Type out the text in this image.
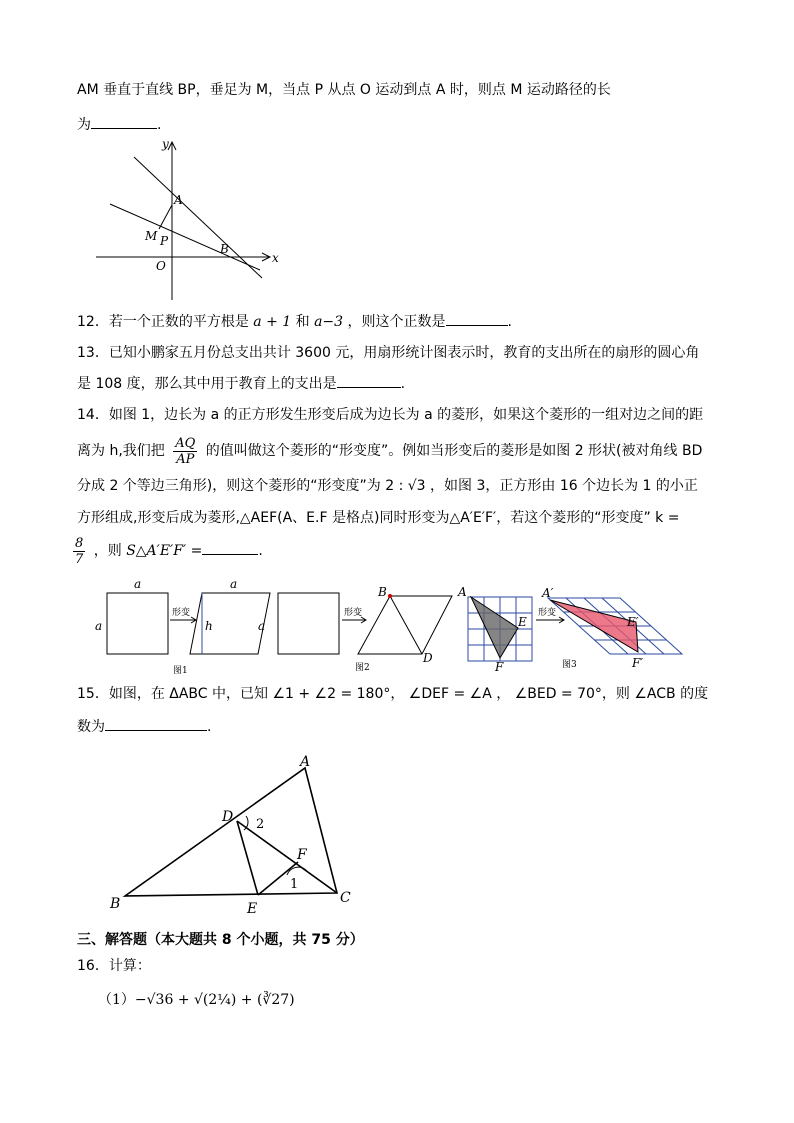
AM 垂直于直线 BP，垂足为 M，当点 P 从点 O 运动到点 A 时，则点 M 运动路径的长
为	.
A
y
x
M P
B
O
12．若一个正数的平方根是 a + 1 和 a−3 ，则这个正数是	.
13．已知小鹏家五月份总支出共计 3600 元，用扇形统计图表示时，教育的支出所在的扇形的圆心角
是 108 度，那么其中用于教育上的支出是	.
14．如图 1，边长为 a 的正方形发生形变后成为边长为 a 的菱形，如果这个菱形的一组对边之间的距
离为 h,我们把 $\frac{AQ}{AP}$ 的值叫做这个菱形的“形变度”。例如当形变后的菱形是如图 2 形状(被对角线 BD
分成 2 个等边三角形)，则这个菱形的“形变度”为 2 : √3 ，如图 3，正方形由 16 个边长为 1 的小正
方形组成,形变后成为菱形,△AEF(A、E.F 是格点)同时形变为△A′E′F′，若这个菱形的“形变度” k =
$\frac{8}{7}$ ，则 S△A′E′F′ =	.
a
a
形变
a
h	a
图1
形变
B
D
图2
A
E
F
形变
A′
E′
F′
图3
15．如图，在 ΔABC 中，已知 ∠1 + ∠2 = 180°， ∠DEF = ∠A ， ∠BED = 70°，则 ∠ACB 的度
数为	.
A
B	C
D
E
F
1
2
三、解答题（本大题共 8 个小题，共 75 分）
16．计算：
（1）−√36 + √(2¼) + (∛27)
